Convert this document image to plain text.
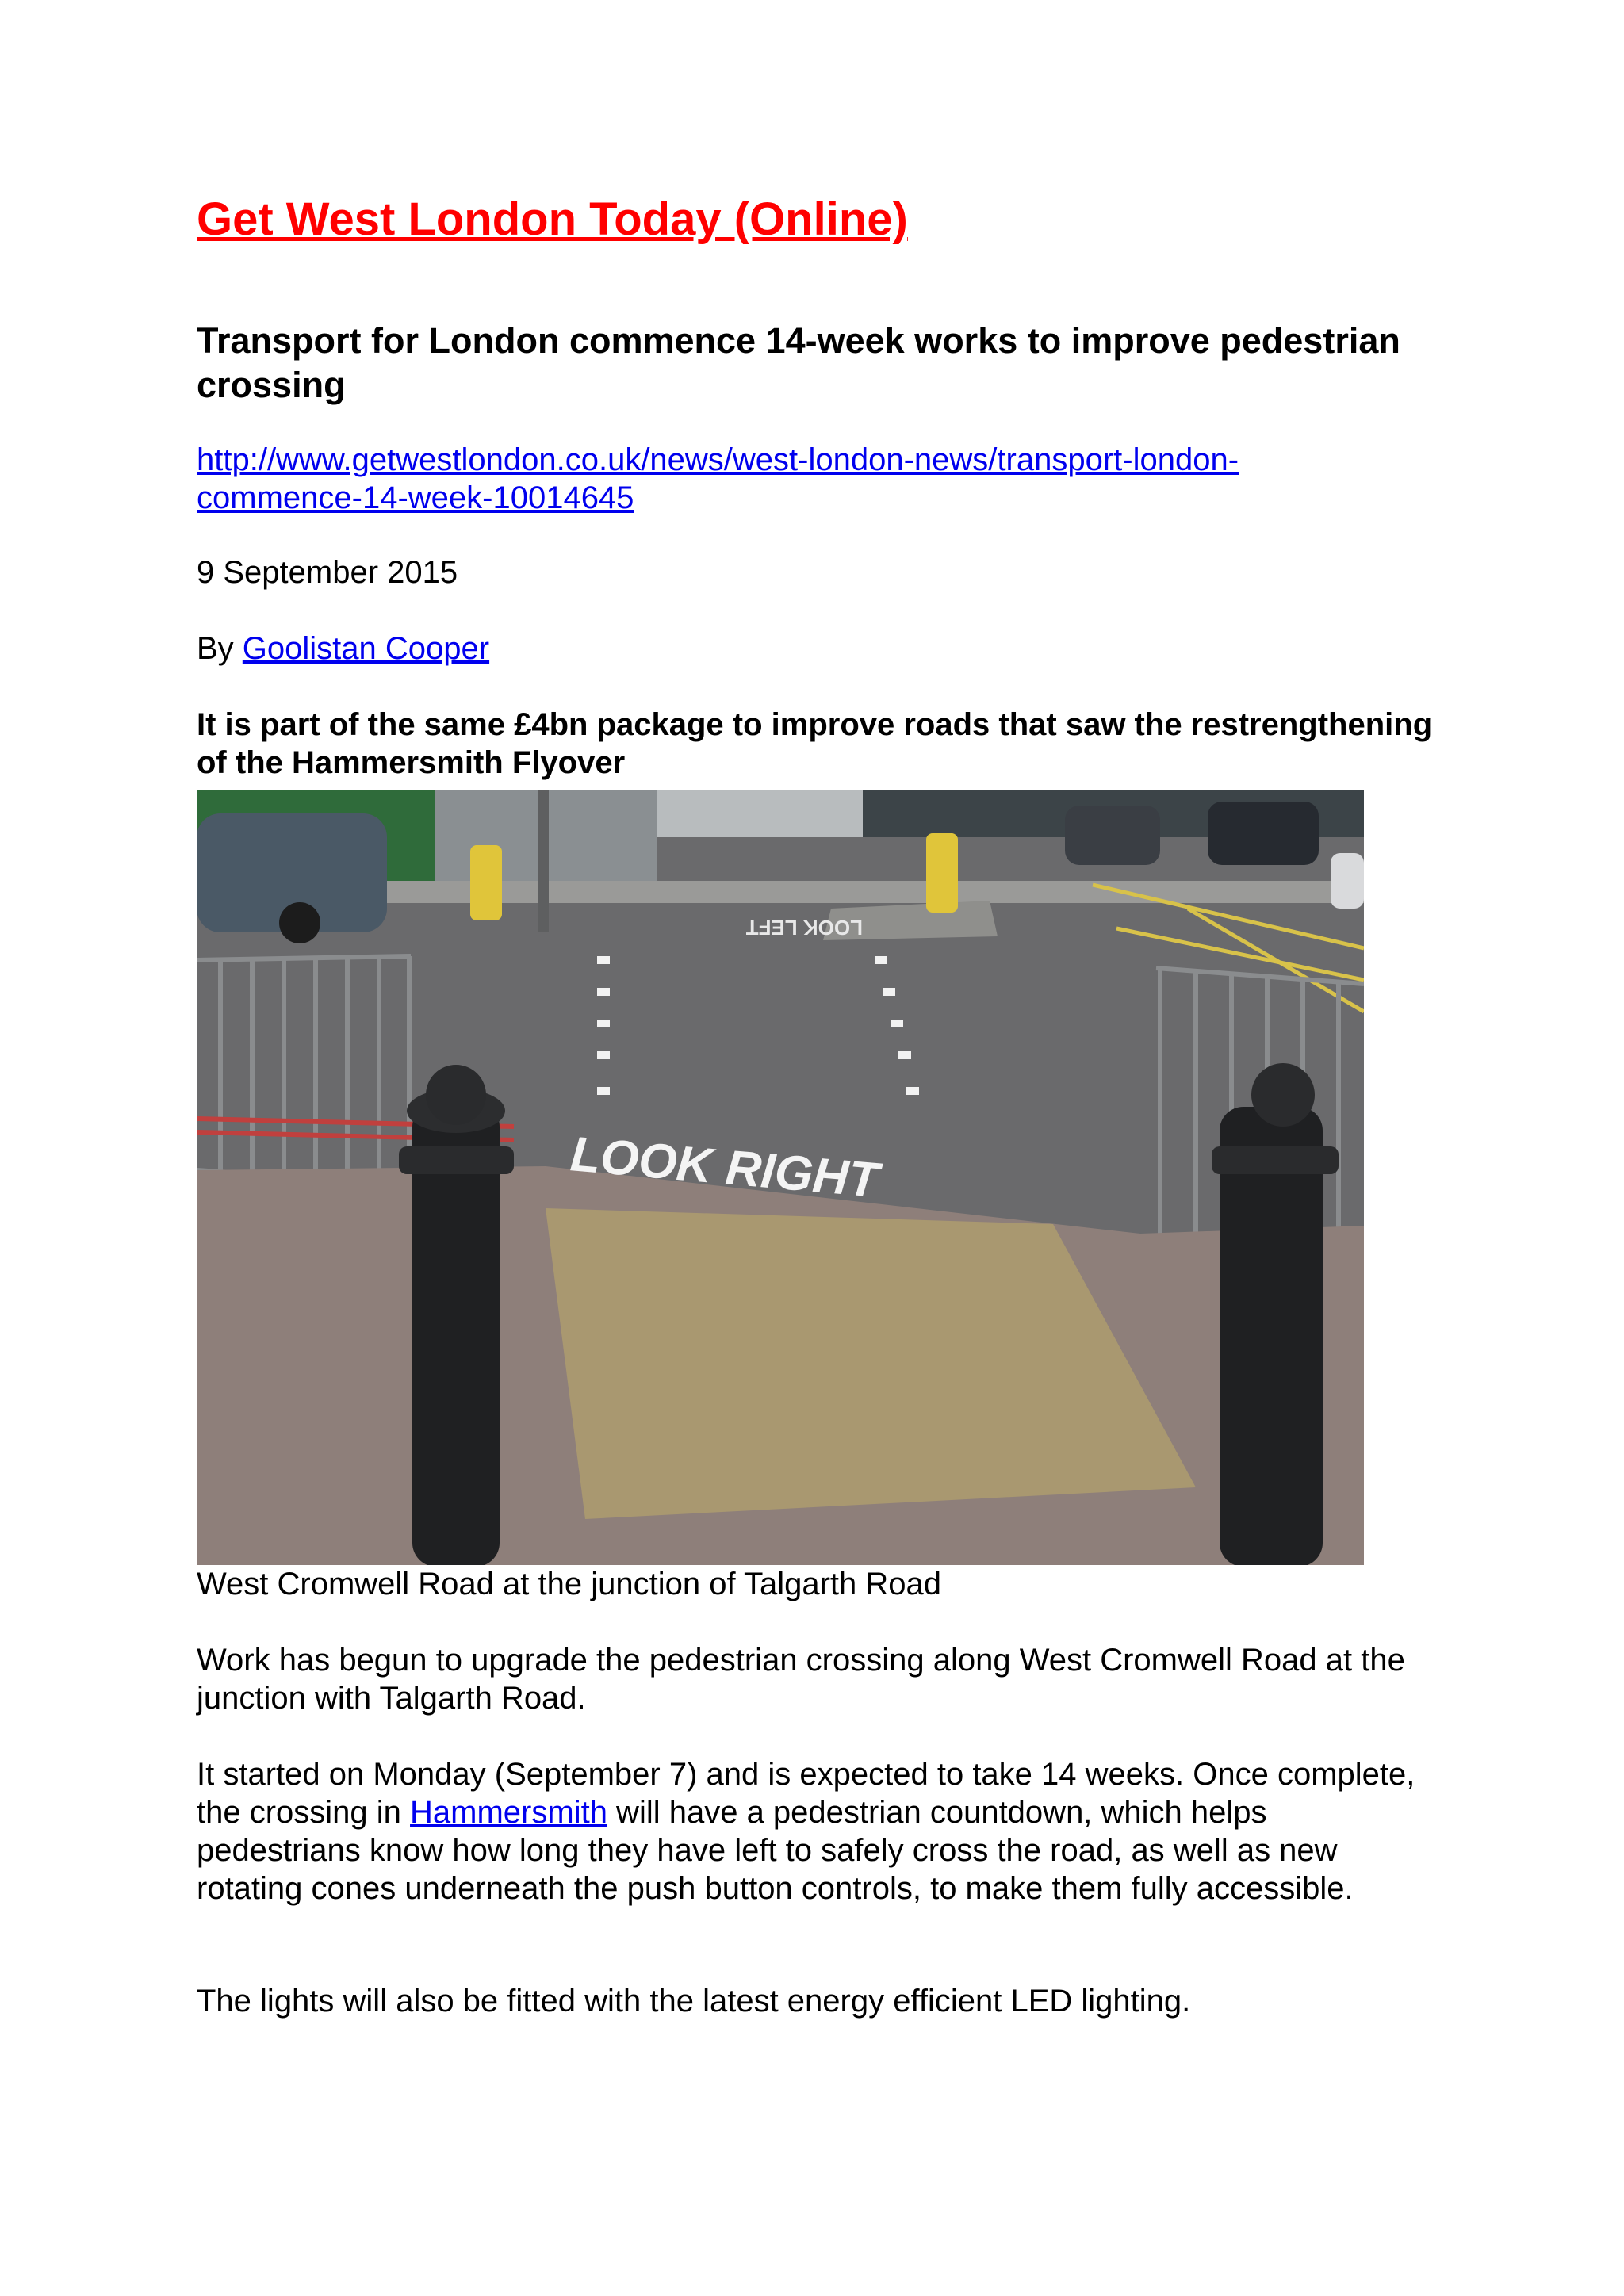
Get West London Today (Online)
Transport for London commence 14-week works to improve pedestrian crossing
http://www.getwestlondon.co.uk/news/west-london-news/transport-london-
commence-14-week-10014645
9 September 2015
By Goolistan Cooper
It is part of the same £4bn package to improve roads that saw the restrengthening of the Hammersmith Flyover
LOOK RIGHT
LOOK LEFT
West Cromwell Road at the junction of Talgarth Road

Work has begun to upgrade the pedestrian crossing along West Cromwell Road at the junction with Talgarth Road.

It started on Monday (September 7) and is expected to take 14 weeks. Once complete, the crossing in Hammersmith will have a pedestrian countdown, which helps pedestrians know how long they have left to safely cross the road, as well as new rotating cones underneath the push button controls, to make them fully accessible.

The lights will also be fitted with the latest energy efficient LED lighting.
